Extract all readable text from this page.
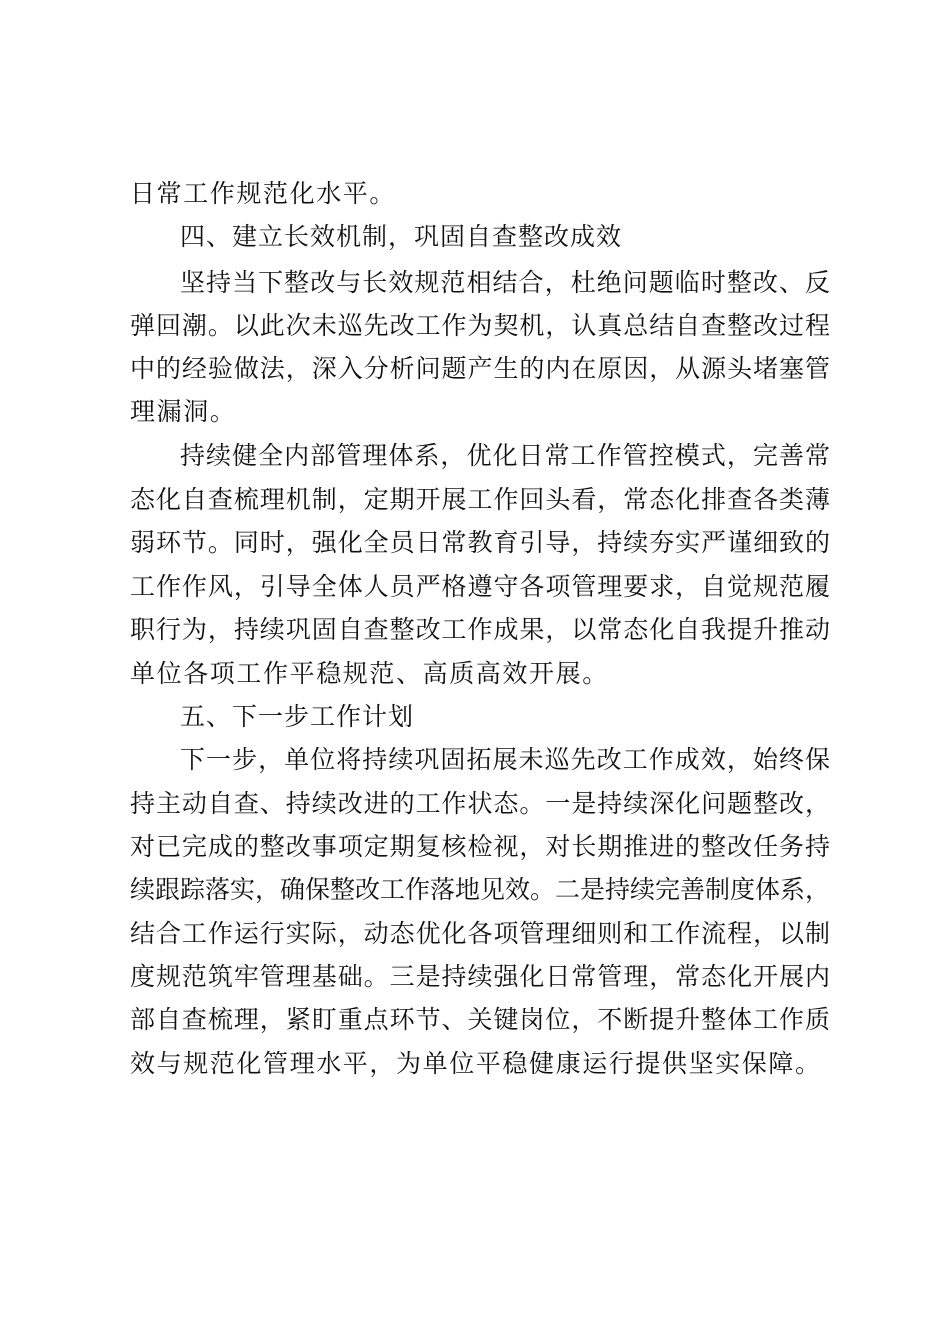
日常工作规范化水平。
四、建立长效机制，巩固自查整改成效
坚持当下整改与长效规范相结合，杜绝问题临时整改、反
弹回潮。以此次未巡先改工作为契机，认真总结自查整改过程
中的经验做法，深入分析问题产生的内在原因，从源头堵塞管
理漏洞。
持续健全内部管理体系，优化日常工作管控模式，完善常
态化自查梳理机制，定期开展工作回头看，常态化排查各类薄
弱环节。同时，强化全员日常教育引导，持续夯实严谨细致的
工作作风，引导全体人员严格遵守各项管理要求，自觉规范履
职行为，持续巩固自查整改工作成果，以常态化自我提升推动
单位各项工作平稳规范、高质高效开展。
五、下一步工作计划
下一步，单位将持续巩固拓展未巡先改工作成效，始终保
持主动自查、持续改进的工作状态。一是持续深化问题整改，
对已完成的整改事项定期复核检视，对长期推进的整改任务持
续跟踪落实，确保整改工作落地见效。二是持续完善制度体系，
结合工作运行实际，动态优化各项管理细则和工作流程，以制
度规范筑牢管理基础。三是持续强化日常管理，常态化开展内
部自查梳理，紧盯重点环节、关键岗位，不断提升整体工作质
效与规范化管理水平，为单位平稳健康运行提供坚实保障。
